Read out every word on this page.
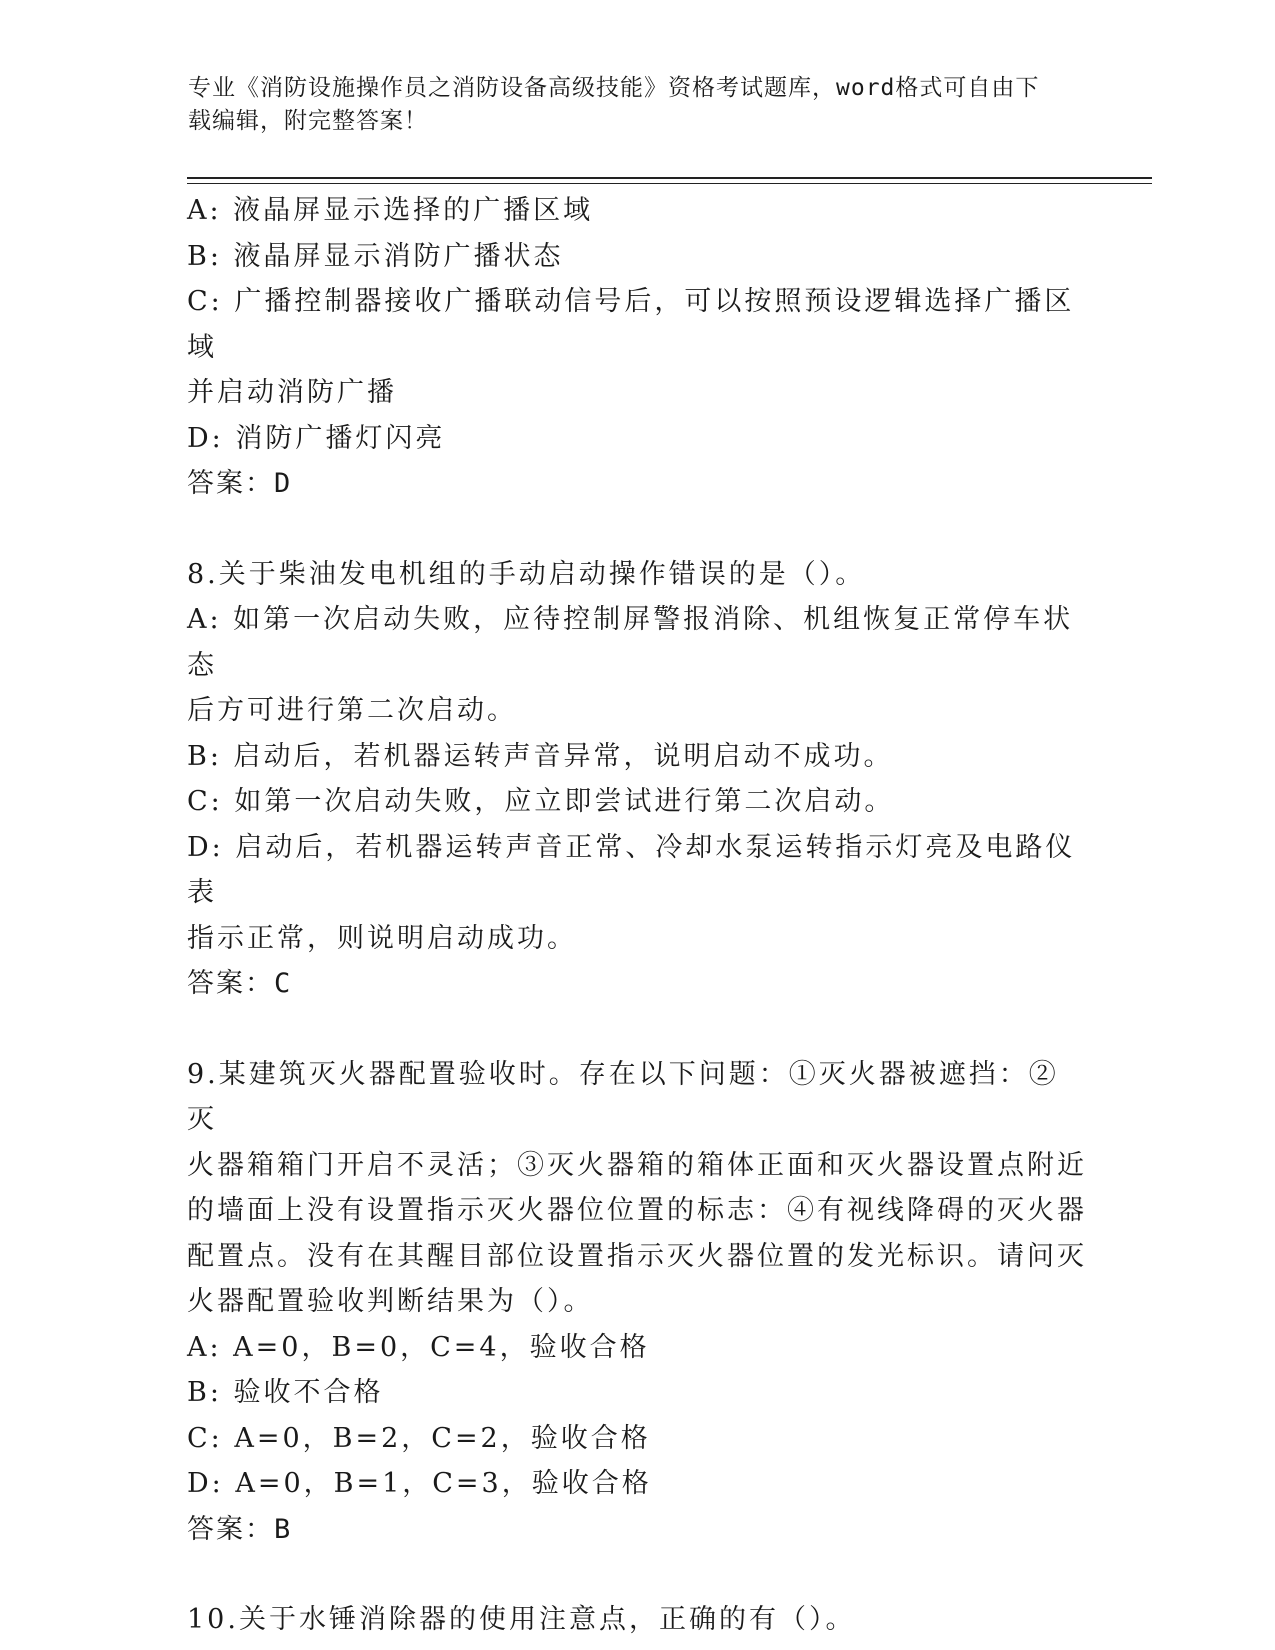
专业《消防设施操作员之消防设备高级技能》资格考试题库，word格式可自由下
载编辑，附完整答案！

A: 液晶屏显示选择的广播区域

B: 液晶屏显示消防广播状态

C: 广播控制器接收广播联动信号后，可以按照预设逻辑选择广播区域

并启动消防广播

D: 消防广播灯闪亮

答案：D

8.关于柴油发电机组的手动启动操作错误的是（）。

A: 如第一次启动失败，应待控制屏警报消除、机组恢复正常停车状态

后方可进行第二次启动。

B: 启动后，若机器运转声音异常，说明启动不成功。

C: 如第一次启动失败，应立即尝试进行第二次启动。

D: 启动后，若机器运转声音正常、冷却水泵运转指示灯亮及电路仪表

指示正常，则说明启动成功。

答案：C

9.某建筑灭火器配置验收时。存在以下问题：①灭火器被遮挡：②灭

火器箱箱门开启不灵活；③灭火器箱的箱体正面和灭火器设置点附近

的墙面上没有设置指示灭火器位位置的标志：④有视线降碍的灭火器

配置点。没有在其醒目部位设置指示灭火器位置的发光标识。请问灭

火器配置验收判断结果为（）。

A: A=0，B=0，C=4，验收合格

B: 验收不合格

C: A=0，B=2，C=2，验收合格

D: A=0，B=1，C=3，验收合格

答案：B

10.关于水锤消除器的使用注意点，正确的有（）。
